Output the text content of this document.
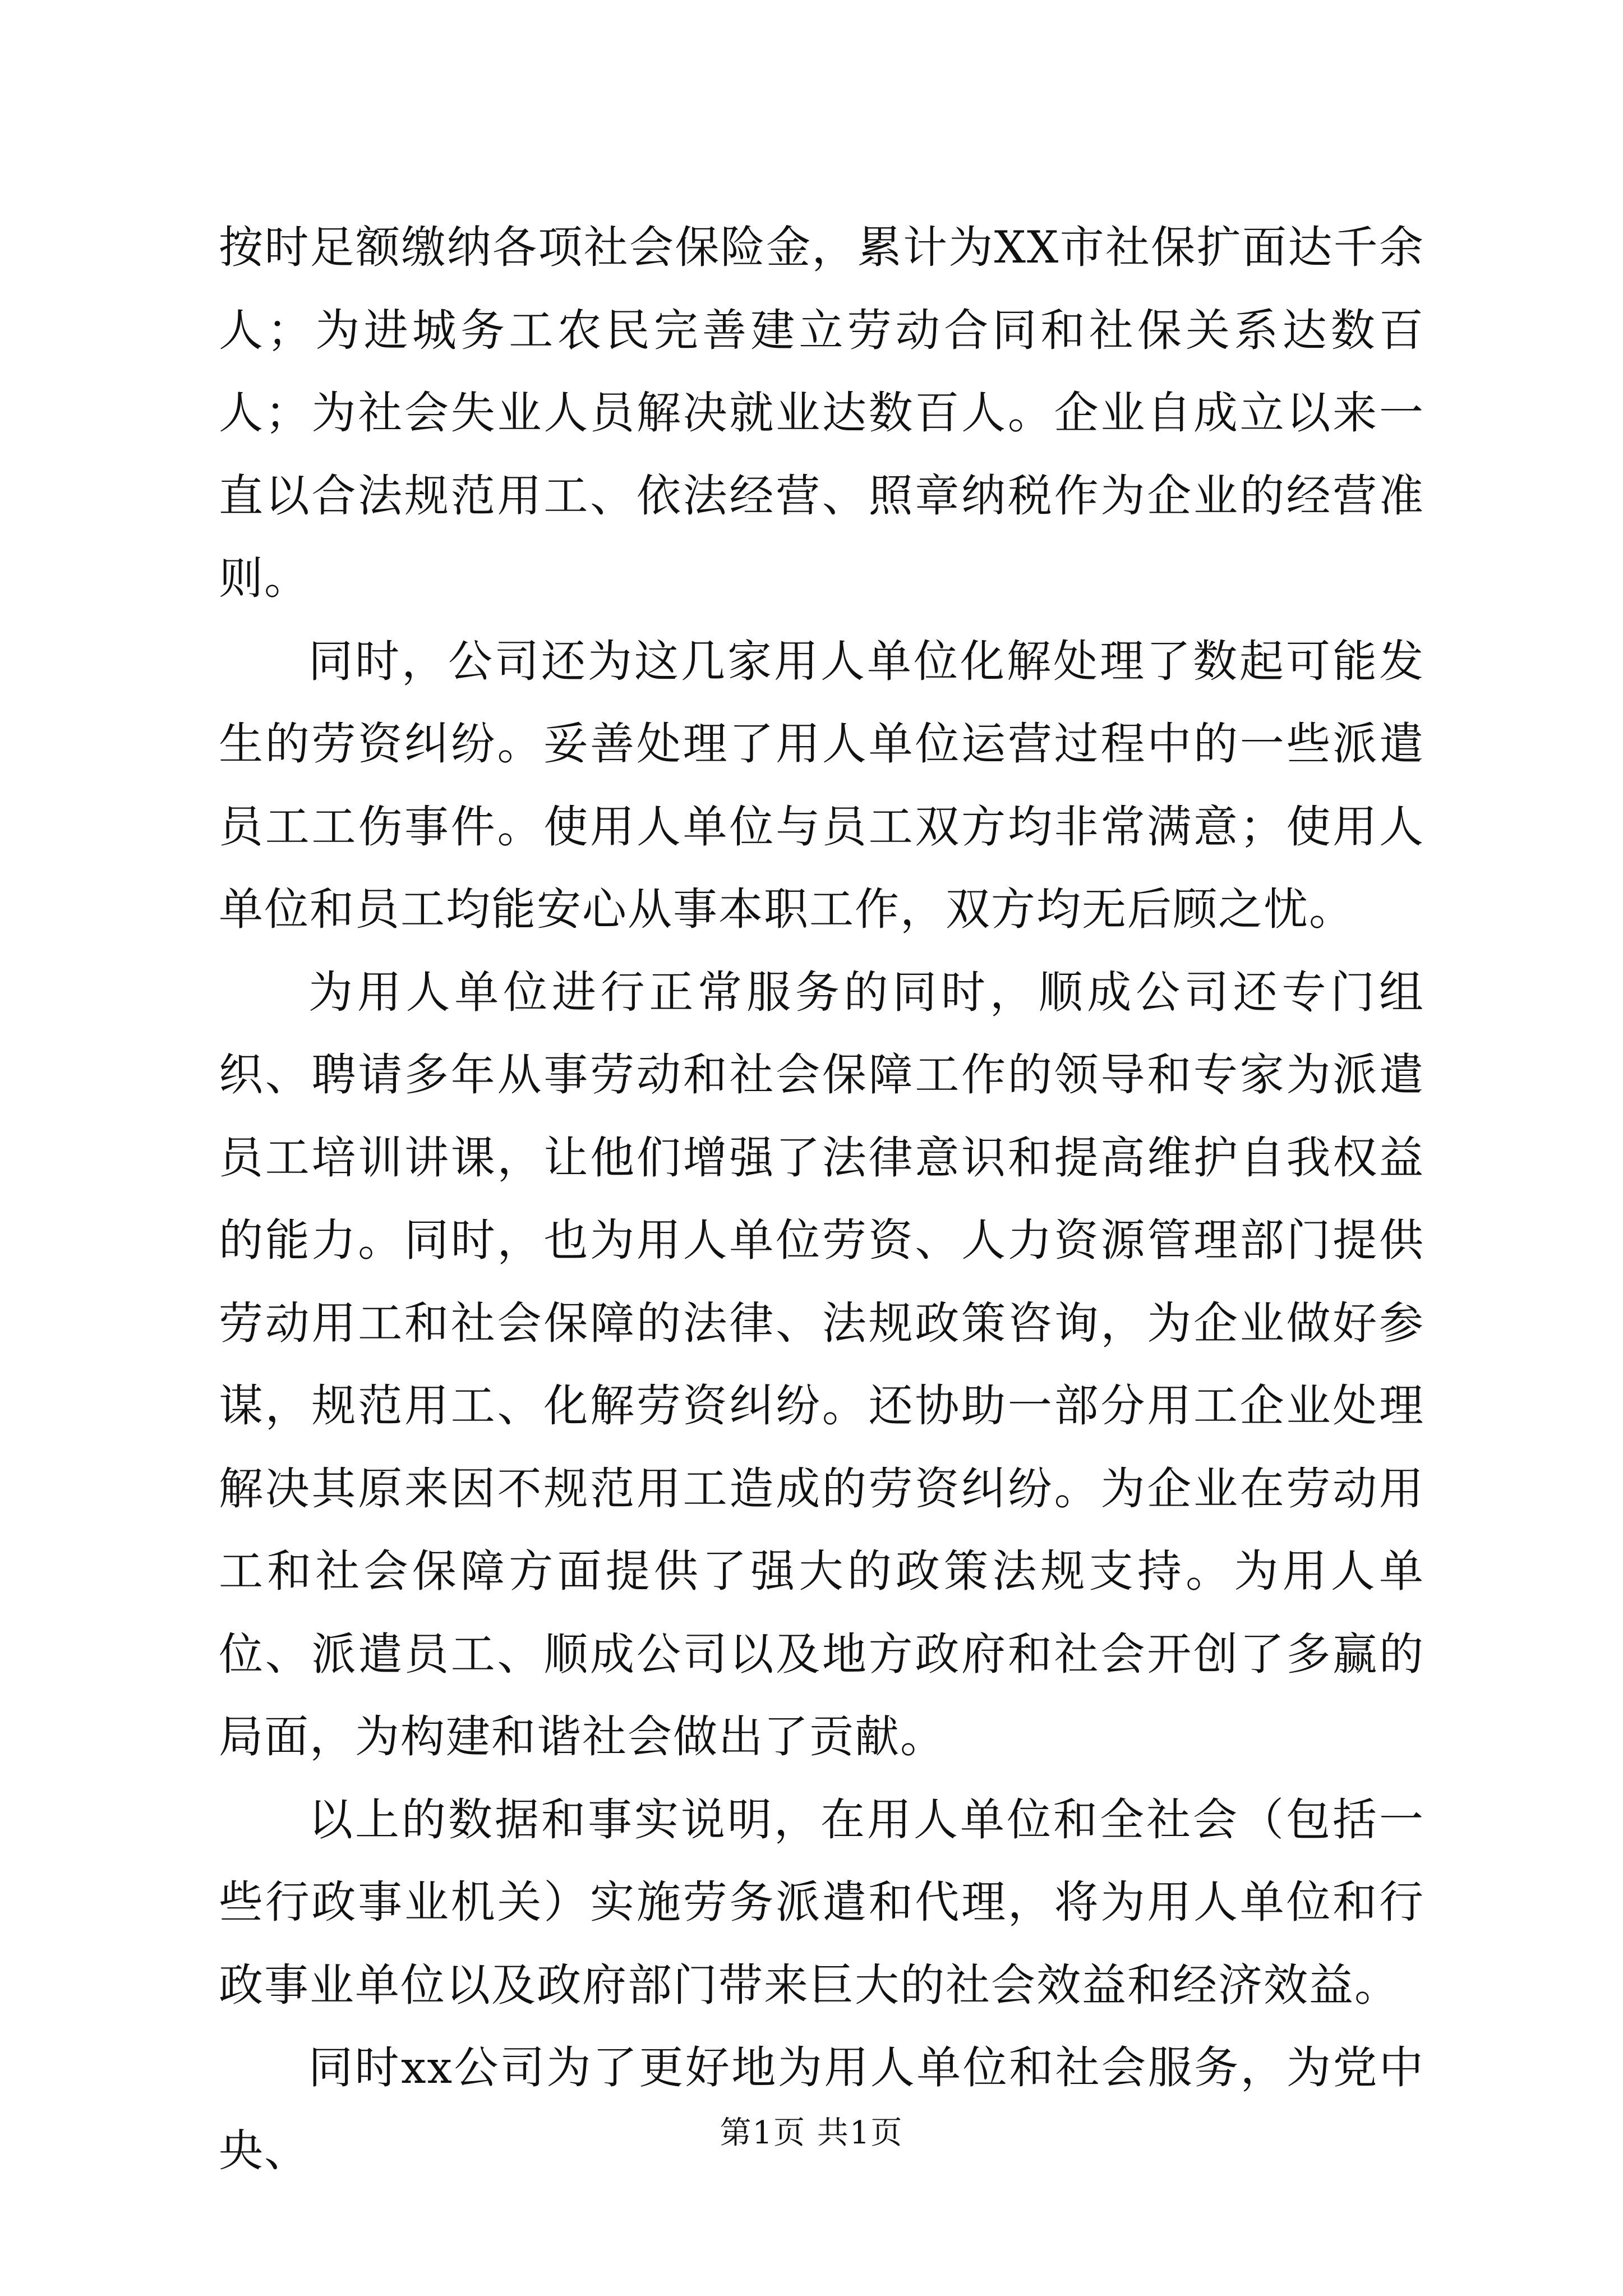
按时足额缴纳各项社会保险金，累计为XX市社保扩面达千余人；为进城务工农民完善建立劳动合同和社保关系达数百人；为社会失业人员解决就业达数百人。企业自成立以来一直以合法规范用工、依法经营、照章纳税作为企业的经营准则。

同时，公司还为这几家用人单位化解处理了数起可能发生的劳资纠纷。妥善处理了用人单位运营过程中的一些派遣员工工伤事件。使用人单位与员工双方均非常满意；使用人单位和员工均能安心从事本职工作，双方均无后顾之忧。

为用人单位进行正常服务的同时，顺成公司还专门组织、聘请多年从事劳动和社会保障工作的领导和专家为派遣员工培训讲课，让他们增强了法律意识和提高维护自我权益的能力。同时，也为用人单位劳资、人力资源管理部门提供劳动用工和社会保障的法律、法规政策咨询，为企业做好参谋，规范用工、化解劳资纠纷。还协助一部分用工企业处理解决其原来因不规范用工造成的劳资纠纷。为企业在劳动用工和社会保障方面提供了强大的政策法规支持。为用人单位、派遣员工、顺成公司以及地方政府和社会开创了多赢的局面，为构建和谐社会做出了贡献。

以上的数据和事实说明，在用人单位和全社会（包括一些行政事业机关）实施劳务派遣和代理，将为用人单位和行政事业单位以及政府部门带来巨大的社会效益和经济效益。

同时xx公司为了更好地为用人单位和社会服务，为党中央、	第1页 共1页
